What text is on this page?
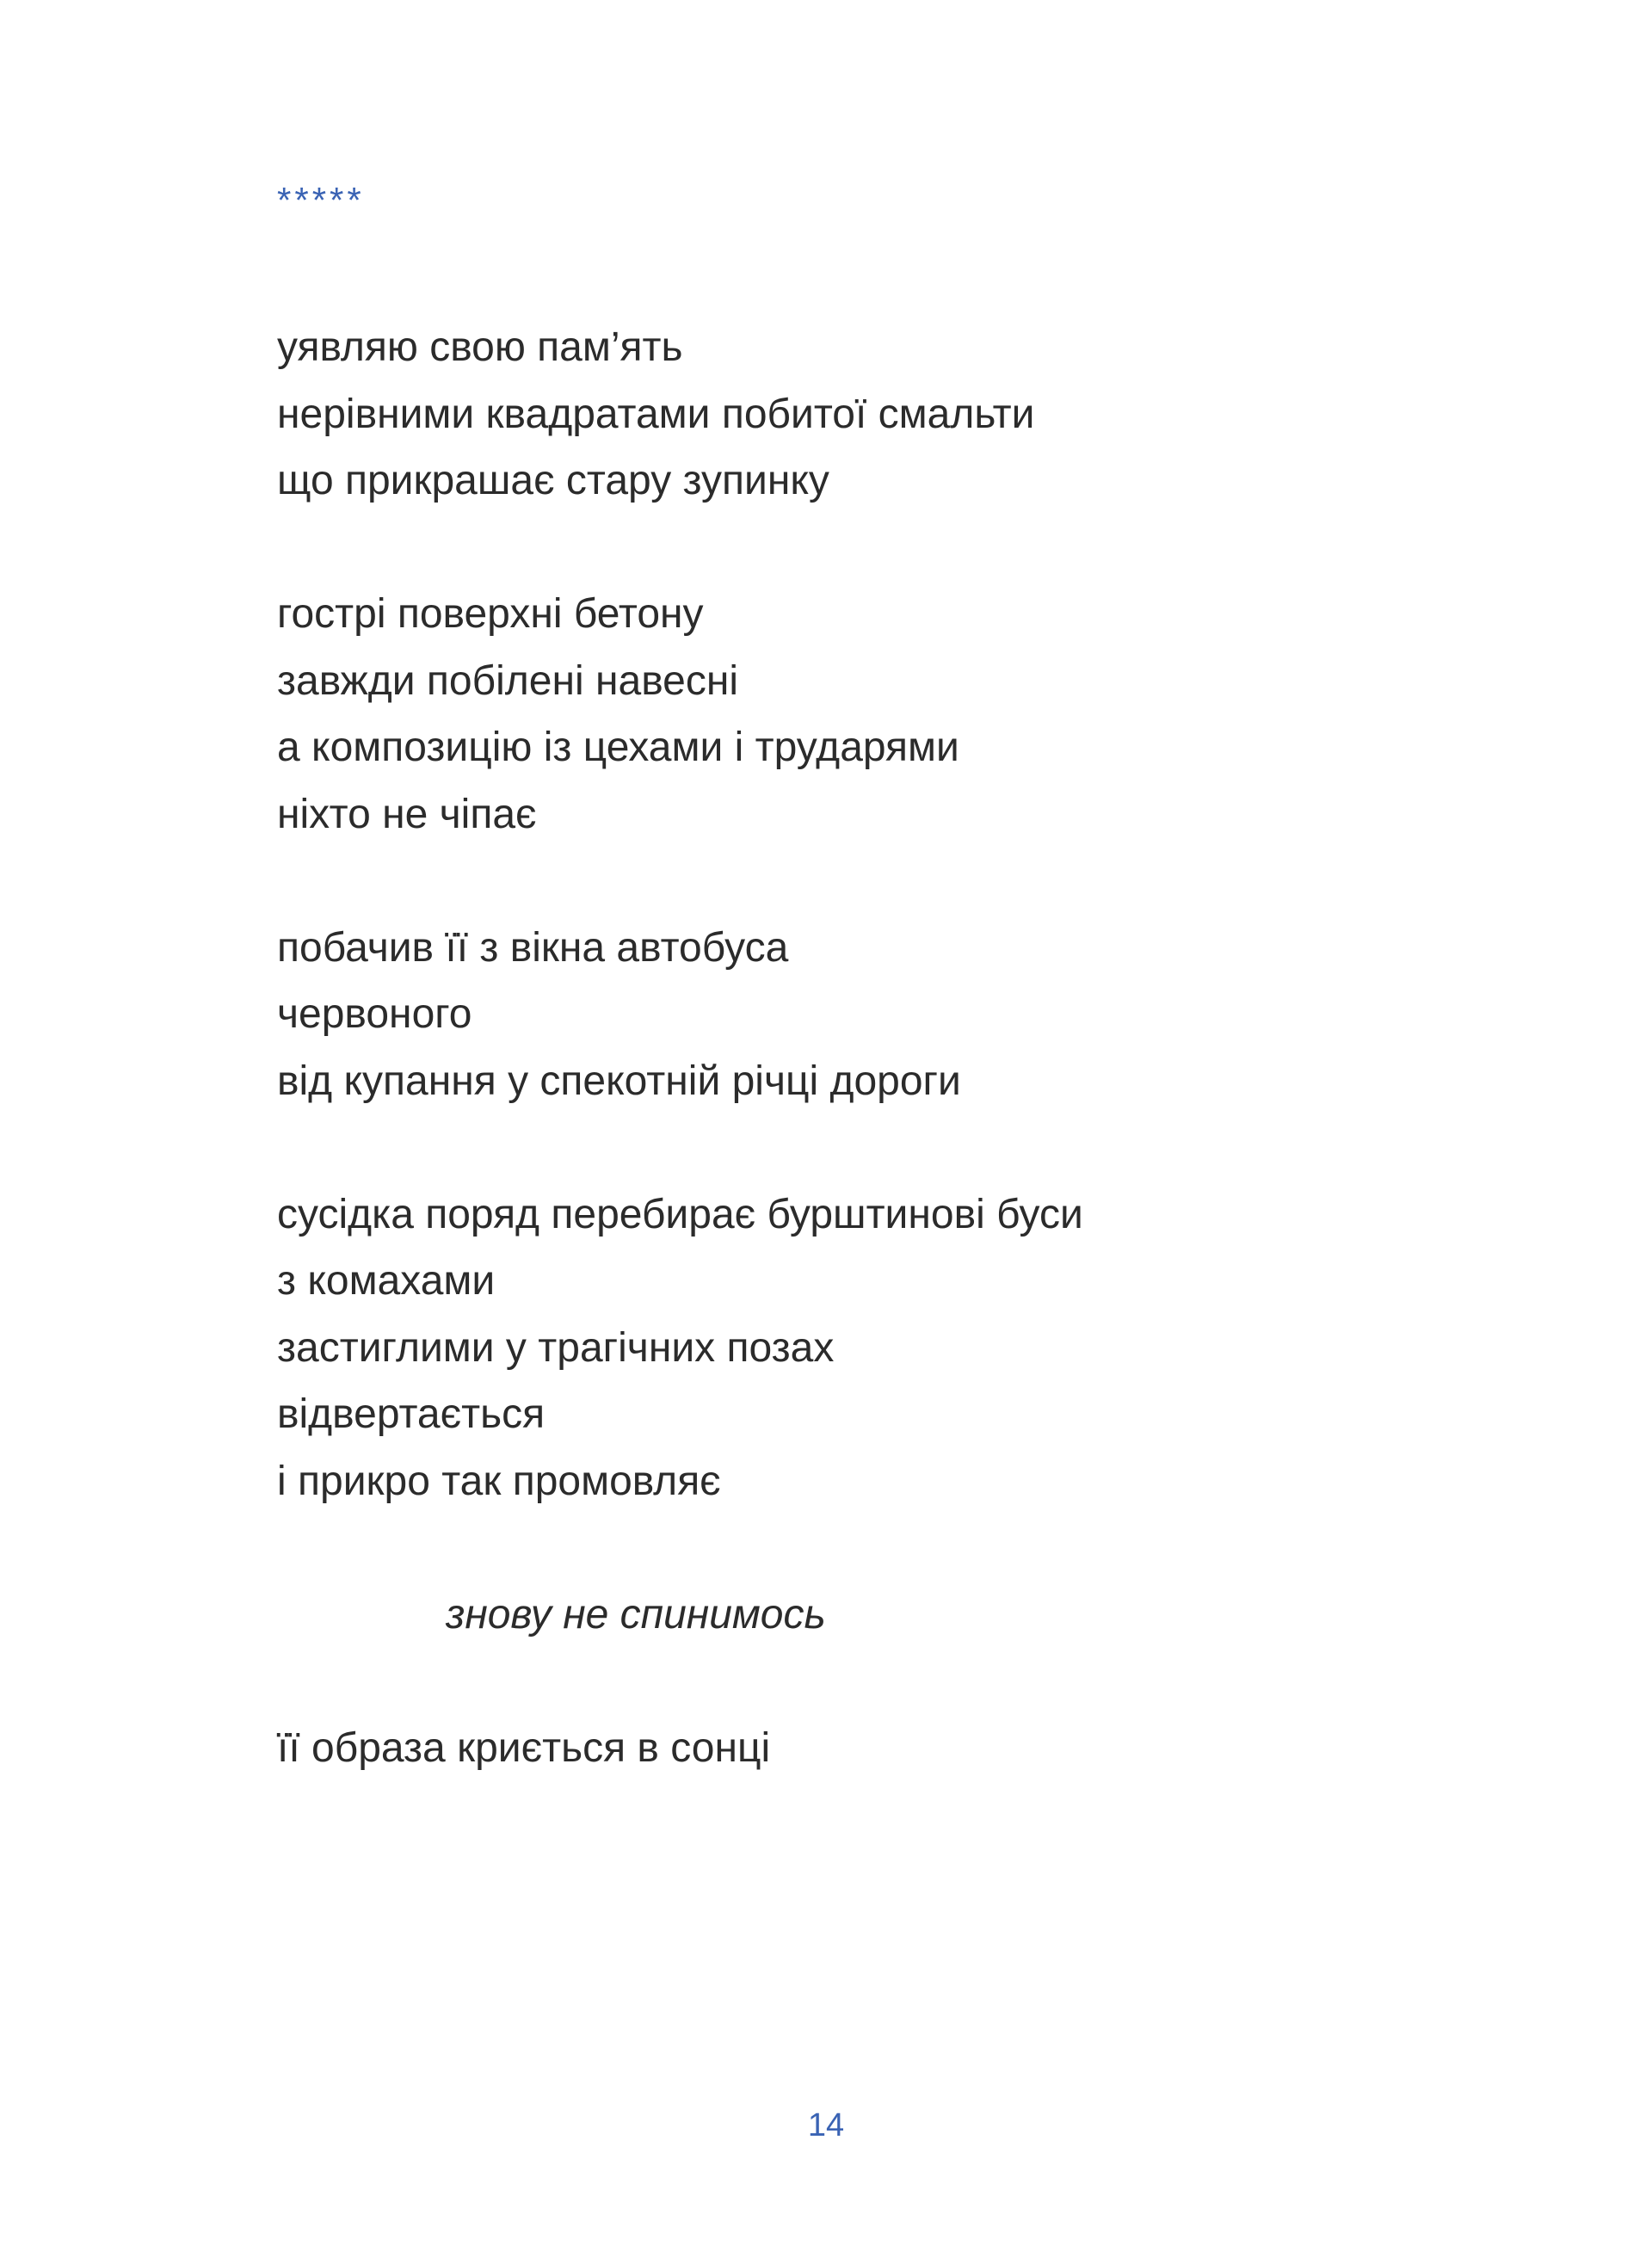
*****
уявляю свою пам’ять
нерівними квадратами побитої смальти
що прикрашає стару зупинку
гострі поверхні бетону
завжди побілені навесні
а композицію із цехами і трударями
ніхто не чіпає
побачив її з вікна автобуса
червоного
від купання у спекотній річці дороги
сусідка поряд перебирає бурштинові буси
з комахами
застиглими у трагічних позах
відвертається
і прикро так промовляє
знову не спинимось
її образа криється в сонці
14
